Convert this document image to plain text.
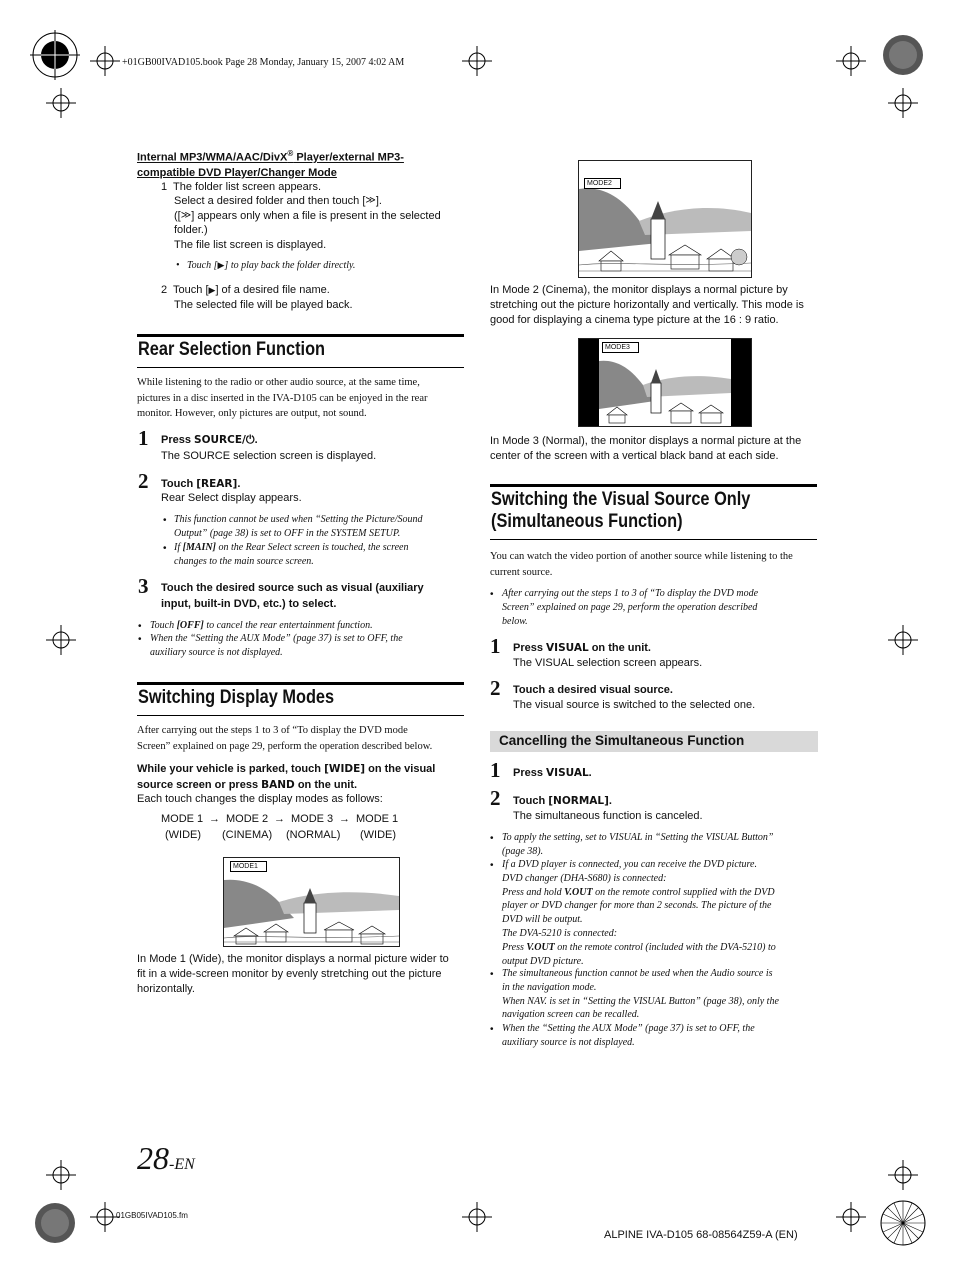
+01GB00IVAD105.book Page 28 Monday, January 15, 2007 4:02 AM
Internal MP3/WMA/AAC/DivX® Player/external MP3-
compatible DVD Player/Changer Mode
1 The folder list screen appears.
Select a desired folder and then touch [≫].
([≫] appears only when a file is present in the selected
folder.)
The file list screen is displayed.
• Touch [▶] to play back the folder directly.
2 Touch [▶] of a desired file name.
The selected file will be played back.
Rear Selection Function
While listening to the radio or other audio source, at the same time,
pictures in a disc inserted in the IVA-D105 can be enjoyed in the rear
monitor. However, only pictures are output, not sound.
1 Press SOURCE/⏻.
The SOURCE selection screen is displayed.
2 Touch [REAR].
Rear Select display appears.
• This function cannot be used when “Setting the Picture/Sound
Output” (page 38) is set to OFF in the SYSTEM SETUP.
• If [MAIN] on the Rear Select screen is touched, the screen
changes to the main source screen.
3 Touch the desired source such as visual (auxiliary
input, built-in DVD, etc.) to select.
• Touch [OFF] to cancel the rear entertainment function.
• When the “Setting the AUX Mode” (page 37) is set to OFF, the
auxiliary source is not displayed.
Switching Display Modes
After carrying out the steps 1 to 3 of “To display the DVD mode
Screen” explained on page 29, perform the operation described below.
While your vehicle is parked, touch [WIDE] on the visual
source screen or press BAND on the unit.
Each touch changes the display modes as follows:
MODE 1 → MODE 2 → MODE 3 → MODE 1
(WIDE) (CINEMA) (NORMAL) (WIDE)
MODE1
In Mode 1 (Wide), the monitor displays a normal picture wider to
fit in a wide-screen monitor by evenly stretching out the picture
horizontally.
MODE2
In Mode 2 (Cinema), the monitor displays a normal picture by
stretching out the picture horizontally and vertically. This mode is
good for displaying a cinema type picture at the 16 : 9 ratio.
MODE3
In Mode 3 (Normal), the monitor displays a normal picture at the
center of the screen with a vertical black band at each side.
Switching the Visual Source Only
(Simultaneous Function)
You can watch the video portion of another source while listening to the
current source.
• After carrying out the steps 1 to 3 of “To display the DVD mode
Screen” explained on page 29, perform the operation described
below.
1 Press VISUAL on the unit.
The VISUAL selection screen appears.
2 Touch a desired visual source.
The visual source is switched to the selected one.
Cancelling the Simultaneous Function
1 Press VISUAL.
2 Touch [NORMAL].
The simultaneous function is canceled.
• To apply the setting, set to VISUAL in “Setting the VISUAL Button”
(page 38).
• If a DVD player is connected, you can receive the DVD picture.
DVD changer (DHA-S680) is connected:
Press and hold V.OUT on the remote control supplied with the DVD
player or DVD changer for more than 2 seconds. The picture of the
DVD will be output.
The DVA-5210 is connected:
Press V.OUT on the remote control (included with the DVA-5210) to
output DVD picture.
• The simultaneous function cannot be used when the Audio source is
in the navigation mode.
When NAV. is set in “Setting the VISUAL Button” (page 38), only the
navigation screen can be recalled.
• When the “Setting the AUX Mode” (page 37) is set to OFF, the
auxiliary source is not displayed.
28-EN
01GB05IVAD105.fm
ALPINE IVA-D105 68-08564Z59-A (EN)
